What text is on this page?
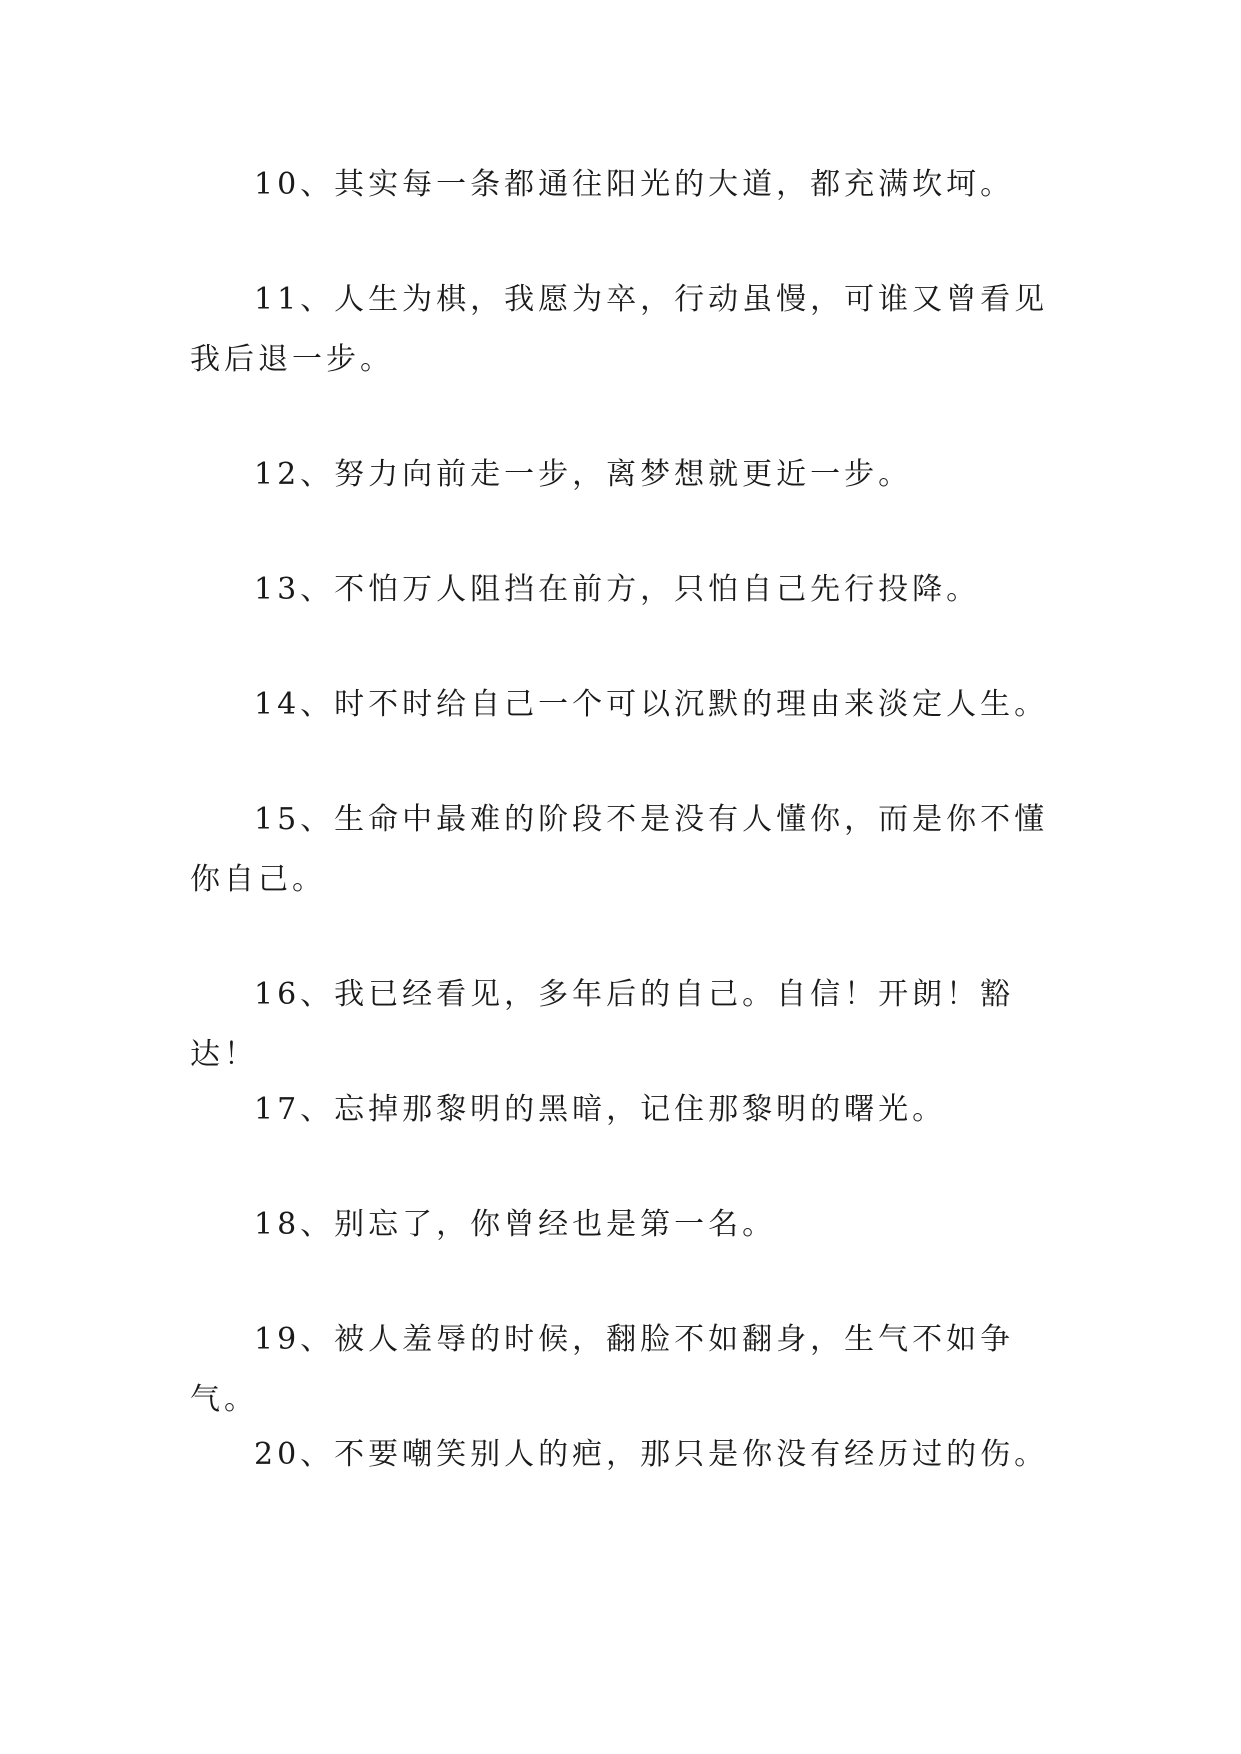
10、其实每一条都通往阳光的大道，都充满坎坷。

11、人生为棋，我愿为卒，行动虽慢，可谁又曾看见我后退一步。

12、努力向前走一步，离梦想就更近一步。

13、不怕万人阻挡在前方，只怕自己先行投降。

14、时不时给自己一个可以沉默的理由来淡定人生。

15、生命中最难的阶段不是没有人懂你，而是你不懂你自己。

16、我已经看见，多年后的自己。自信！开朗！豁达！

17、忘掉那黎明的黑暗，记住那黎明的曙光。

18、别忘了，你曾经也是第一名。

19、被人羞辱的时候，翻脸不如翻身，生气不如争气。

20、不要嘲笑别人的疤，那只是你没有经历过的伤。
